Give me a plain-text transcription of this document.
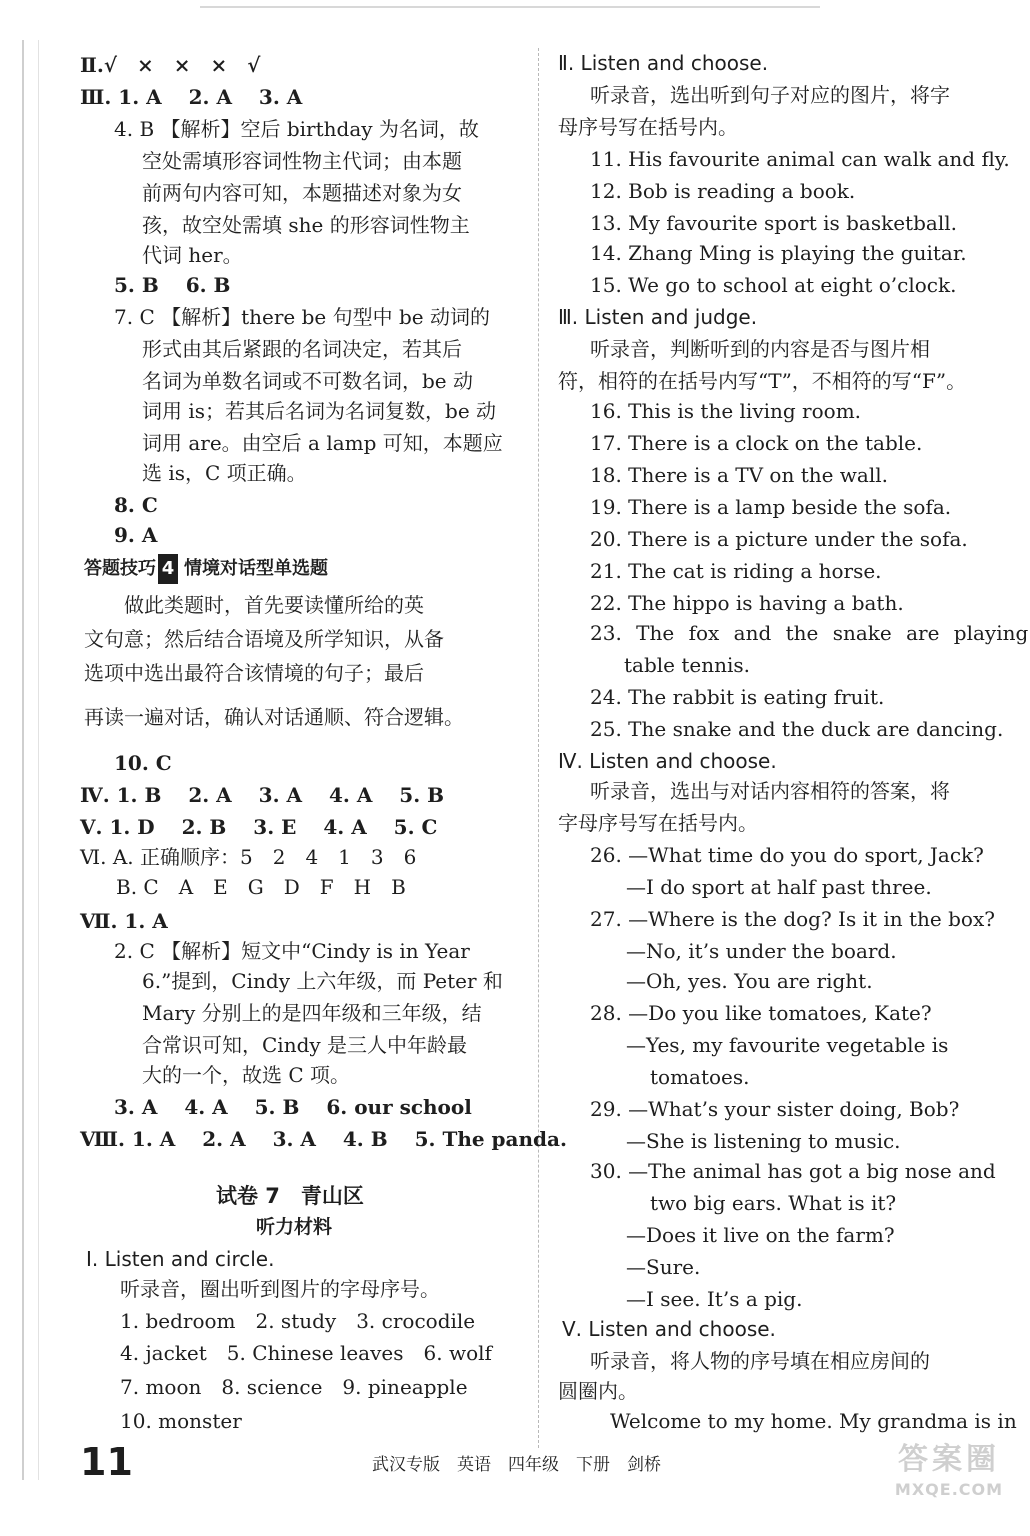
Ⅱ.√　×　×　×　√
Ⅲ. 1. A　 2. A　 3. A
4. B 【解析】空后 birthday 为名词，故
空处需填形容词性物主代词；由本题
前两句内容可知，本题描述对象为女
孩，故空处需填 she 的形容词性物主
代词 her。
5. B　 6. B
7. C 【解析】there be 句型中 be 动词的
形式由其后紧跟的名词决定，若其后
名词为单数名词或不可数名词，be 动
词用 is；若其后名词为名词复数，be 动
词用 are。由空后 a lamp 可知，本题应
选 is，C 项正确。
8. C
9. A
答题技巧 4 情境对话型单选题
做此类题时，首先要读懂所给的英
文句意；然后结合语境及所学知识，从备
选项中选出最符合该情境的句子；最后
再读一遍对话，确认对话通顺、符合逻辑。
10. C
Ⅳ. 1. B　 2. A　 3. A　 4. A　 5. B
Ⅴ. 1. D　 2. B　 3. E　 4. A　 5. C
Ⅵ. A. 正确顺序：5　2　4　1　3　6
B. C　A　E　G　D　F　H　B
Ⅶ. 1. A
2. C 【解析】短文中“Cindy is in Year
6.”提到，Cindy 上六年级，而 Peter 和
Mary 分别上的是四年级和三年级，结
合常识可知，Cindy 是三人中年龄最
大的一个，故选 C 项。
3. A　 4. A　 5. B　 6. our school
Ⅷ. 1. A　 2. A　 3. A　 4. B　 5. The panda.
试卷 7　青山区
听力材料
Ⅰ. Listen and circle.
听录音，圈出听到图片的字母序号。
1. bedroom　2. study　3. crocodile
4. jacket　5. Chinese leaves　6. wolf
7. moon　8. science　9. pineapple
10. monster
Ⅱ. Listen and choose.
听录音，选出听到句子对应的图片，将字
母序号写在括号内。
11. His favourite animal can walk and fly.
12. Bob is reading a book.
13. My favourite sport is basketball.
14. Zhang Ming is playing the guitar.
15. We go to school at eight o’clock.
Ⅲ. Listen and judge.
听录音，判断听到的内容是否与图片相
符，相符的在括号内写“T”，不相符的写“F”。
16. This is the living room.
17. There is a clock on the table.
18. There is a TV on the wall.
19. There is a lamp beside the sofa.
20. There is a picture under the sofa.
21. The cat is riding a horse.
22. The hippo is having a bath.
23. The fox and the snake are playing
table tennis.
24. The rabbit is eating fruit.
25. The snake and the duck are dancing.
Ⅳ. Listen and choose.
听录音，选出与对话内容相符的答案，将
字母序号写在括号内。
26. —What time do you do sport, Jack?
—I do sport at half past three.
27. —Where is the dog? Is it in the box?
—No, it’s under the board.
—Oh, yes. You are right.
28. —Do you like tomatoes, Kate?
—Yes, my favourite vegetable is
tomatoes.
29. —What’s your sister doing, Bob?
—She is listening to music.
30. —The animal has got a big nose and
two big ears. What is it?
—Does it live on the farm?
—Sure.
—I see. It’s a pig.
Ⅴ. Listen and choose.
听录音，将人物的序号填在相应房间的
圆圈内。
Welcome to my home. My grandma is in
11	武汉专版　英语　四年级　下册　剑桥	答案圈
MXQE.COM
